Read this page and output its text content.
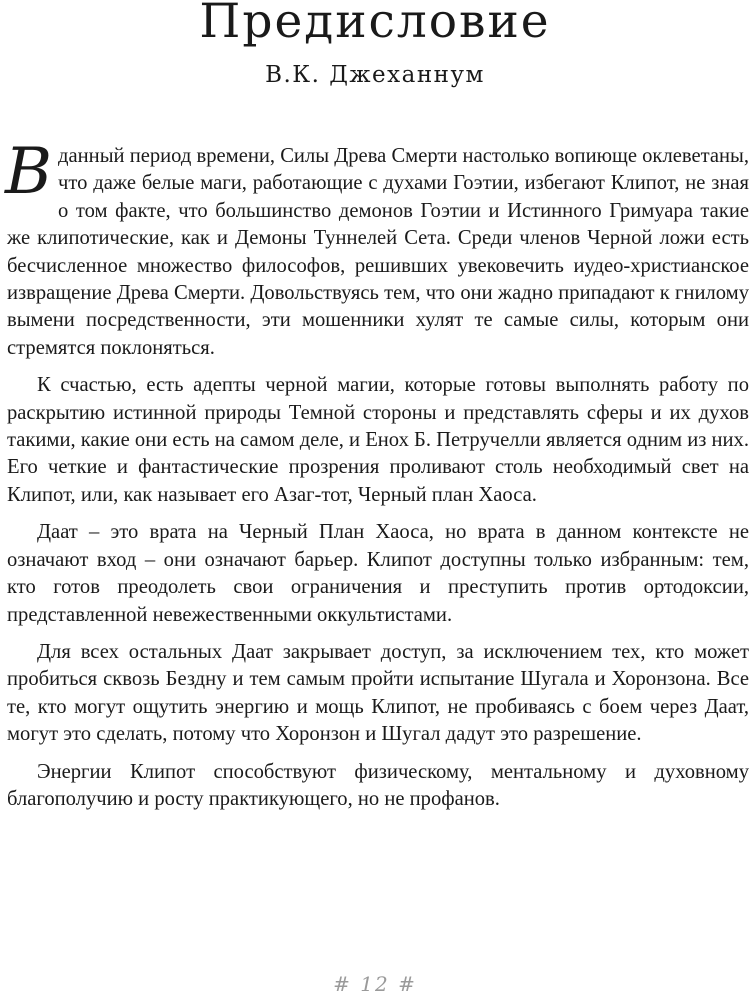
Предисловие
В.К. Джеханнум

Вданный период времени, Силы Древа Смерти настолько вопиюще оклеветаны, что даже белые маги, работающие с духами Гоэтии, избегают Клипот, не зная о том факте, что большинство демонов Гоэтии и Истинного Гримуара такие же клипотические, как и Демоны Туннелей Сета. Среди членов Черной ложи есть бесчисленное множество философов, решивших увековечить иудео-христианское извращение Древа Смерти. Довольствуясь тем, что они жадно припадают к гнилому вымени посредственности, эти мошенники хулят те самые силы, которым они стремятся поклоняться.

К счастью, есть адепты черной магии, которые готовы выполнять работу по раскрытию истинной природы Темной стороны и представлять сферы и их духов такими, какие они есть на самом деле, и Енох Б. Петручелли является одним из них. Его четкие и фантастические прозрения проливают столь необходимый свет на Клипот, или, как называет его Азаг-тот, Черный план Хаоса.

Даат – это врата на Черный План Хаоса, но врата в данном контексте не означают вход – они означают барьер. Клипот доступны только избранным: тем, кто готов преодолеть свои ограничения и преступить против ортодоксии, представленной невежественными оккультистами.

Для всех остальных Даат закрывает доступ, за исключением тех, кто может пробиться сквозь Бездну и тем самым пройти испытание Шугала и Хоронзона. Все те, кто могут ощутить энергию и мощь Клипот, не пробиваясь с боем через Даат, могут это сделать, потому что Хоронзон и Шугал дадут это разрешение.

Энергии Клипот способствуют физическому, ментальному и духовному благополучию и росту практикующего, но не профанов.

# 12 #
